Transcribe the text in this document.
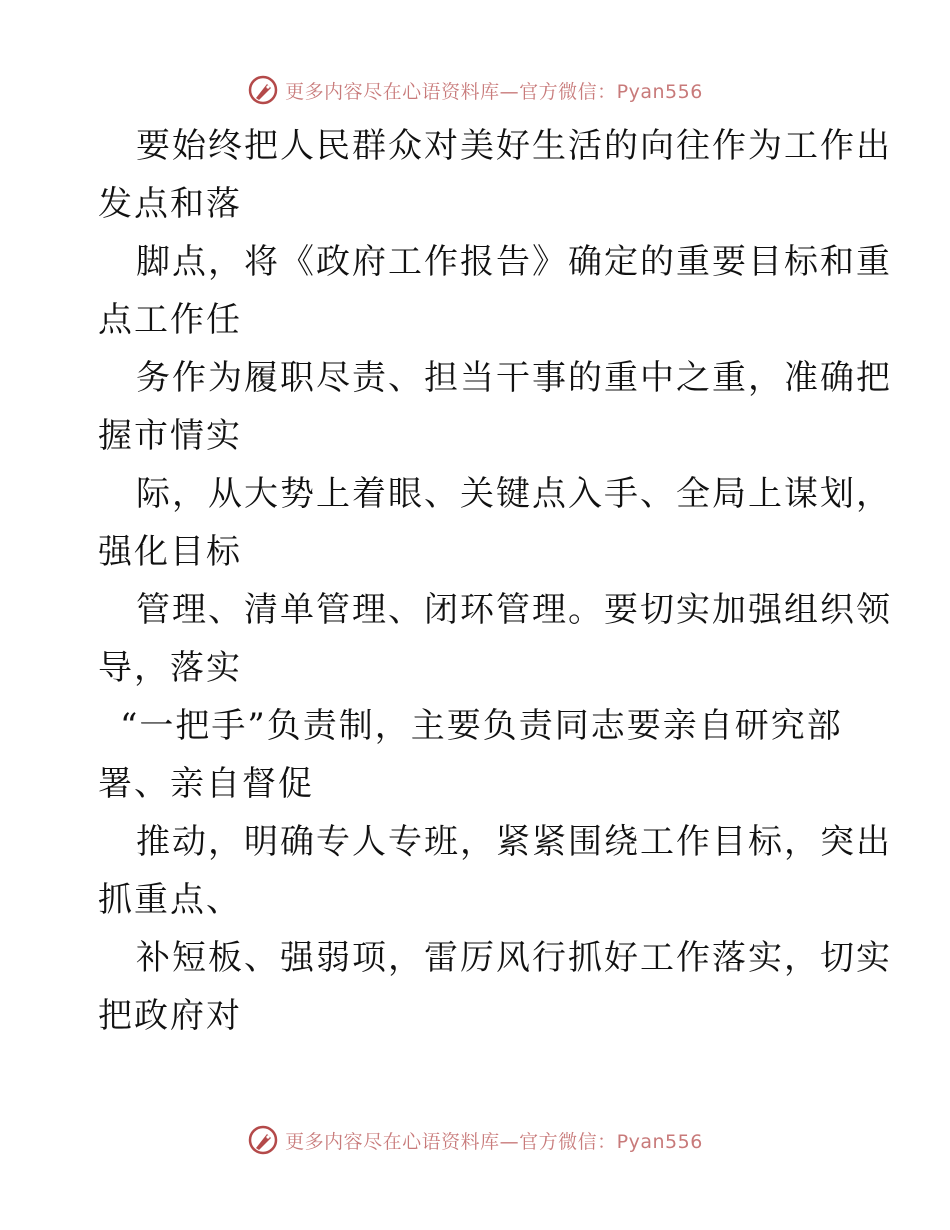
更多内容尽在心语资料库—官方微信：Pyan556
要始终把人民群众对美好生活的向往作为工作出
发点和落
脚点，将《政府工作报告》确定的重要目标和重
点工作任
务作为履职尽责、担当干事的重中之重，准确把
握市情实
际，从大势上着眼、关键点入手、全局上谋划，
强化目标
管理、清单管理、闭环管理。要切实加强组织领
导，落实
“一把手”负责制，主要负责同志要亲自研究部
署、亲自督促
推动，明确专人专班，紧紧围绕工作目标，突出
抓重点、
补短板、强弱项，雷厉风行抓好工作落实，切实
把政府对
更多内容尽在心语资料库—官方微信：Pyan556
